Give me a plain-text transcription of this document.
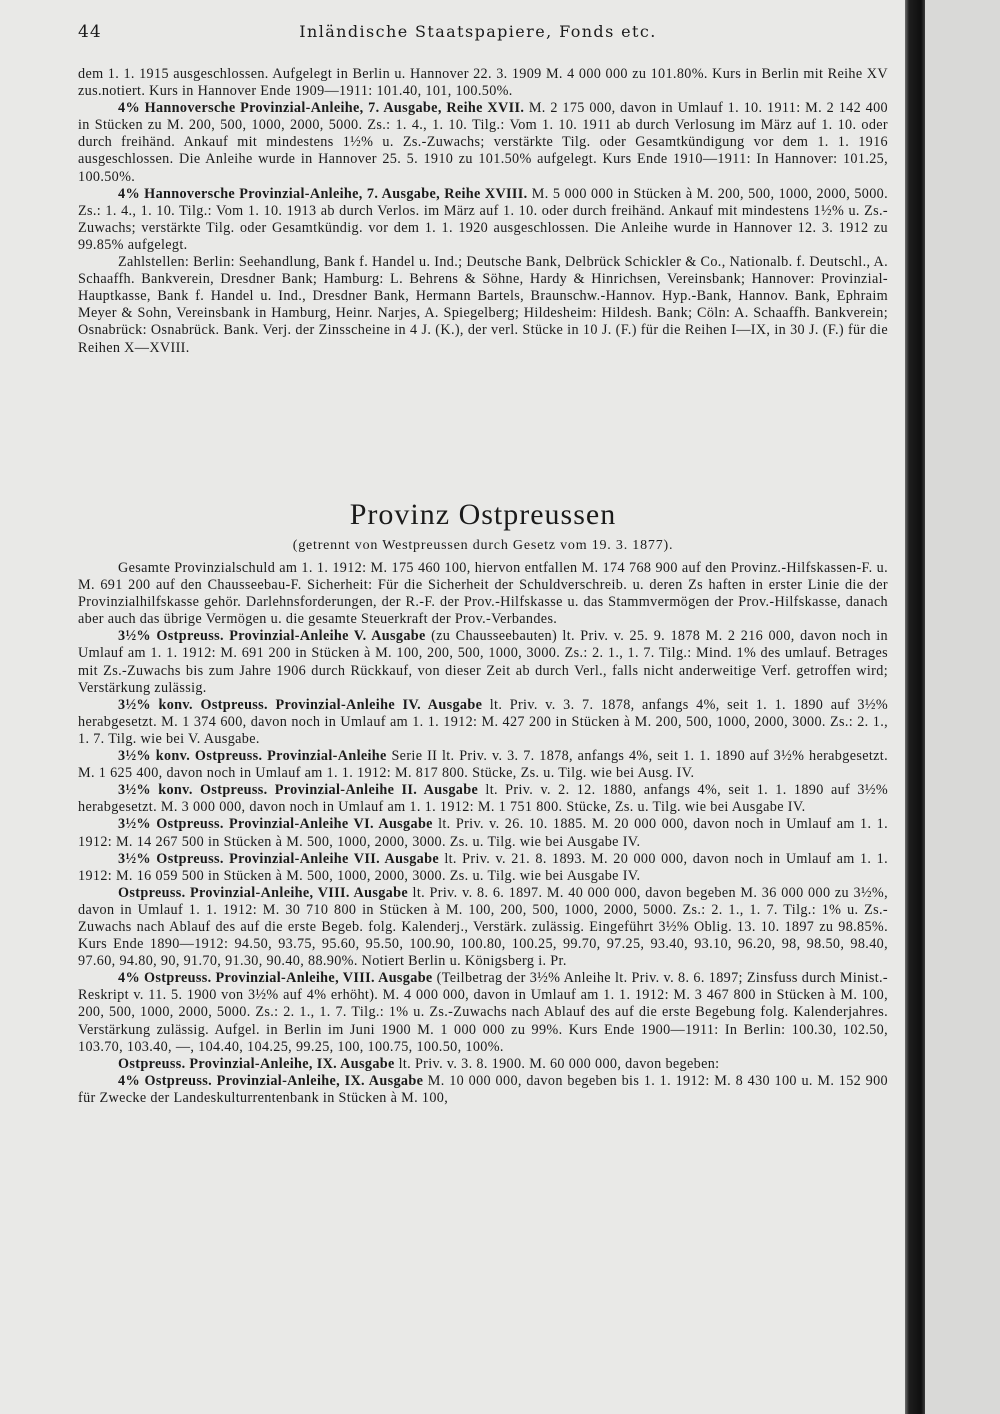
44	Inländische Staatspapiere, Fonds etc.

dem 1. 1. 1915 ausgeschlossen. Aufgelegt in Berlin u. Hannover 22. 3. 1909 M. 4 000 000 zu 101.80%. Kurs in Berlin mit Reihe XV zus.notiert. Kurs in Hannover Ende 1909—1911: 101.40, 101, 100.50%.

4% Hannoversche Provinzial-Anleihe, 7. Ausgabe, Reihe XVII. M. 2 175 000, davon in Umlauf 1. 10. 1911: M. 2 142 400 in Stücken zu M. 200, 500, 1000, 2000, 5000. Zs.: 1. 4., 1. 10. Tilg.: Vom 1. 10. 1911 ab durch Verlosung im März auf 1. 10. oder durch freihänd. Ankauf mit mindestens 1½% u. Zs.-Zuwachs; verstärkte Tilg. oder Gesamtkündigung vor dem 1. 1. 1916 ausgeschlossen. Die Anleihe wurde in Hannover 25. 5. 1910 zu 101.50% aufgelegt. Kurs Ende 1910—1911: In Hannover: 101.25, 100.50%.

4% Hannoversche Provinzial-Anleihe, 7. Ausgabe, Reihe XVIII. M. 5 000 000 in Stücken à M. 200, 500, 1000, 2000, 5000. Zs.: 1. 4., 1. 10. Tilg.: Vom 1. 10. 1913 ab durch Verlos. im März auf 1. 10. oder durch freihänd. Ankauf mit mindestens 1½% u. Zs.-Zuwachs; verstärkte Tilg. oder Gesamtkündig. vor dem 1. 1. 1920 ausgeschlossen. Die Anleihe wurde in Hannover 12. 3. 1912 zu 99.85% aufgelegt.

Zahlstellen: Berlin: Seehandlung, Bank f. Handel u. Ind.; Deutsche Bank, Delbrück Schickler & Co., Nationalb. f. Deutschl., A. Schaaffh. Bankverein, Dresdner Bank; Hamburg: L. Behrens & Söhne, Hardy & Hinrichsen, Vereinsbank; Hannover: Provinzial-Hauptkasse, Bank f. Handel u. Ind., Dresdner Bank, Hermann Bartels, Braunschw.-Hannov. Hyp.-Bank, Hannov. Bank, Ephraim Meyer & Sohn, Vereinsbank in Hamburg, Heinr. Narjes, A. Spiegelberg; Hildesheim: Hildesh. Bank; Cöln: A. Schaaffh. Bankverein; Osnabrück: Osnabrück. Bank. Verj. der Zinsscheine in 4 J. (K.), der verl. Stücke in 10 J. (F.) für die Reihen I—IX, in 30 J. (F.) für die Reihen X—XVIII.

Provinz Ostpreussen
(getrennt von Westpreussen durch Gesetz vom 19. 3. 1877).

Gesamte Provinzialschuld am 1. 1. 1912: M. 175 460 100, hiervon entfallen M. 174 768 900 auf den Provinz.-Hilfskassen-F. u. M. 691 200 auf den Chausseebau-F. Sicherheit: Für die Sicherheit der Schuldverschreib. u. deren Zs haften in erster Linie die der Provinzialhilfskasse gehör. Darlehnsforderungen, der R.-F. der Prov.-Hilfskasse u. das Stammvermögen der Prov.-Hilfskasse, danach aber auch das übrige Vermögen u. die gesamte Steuerkraft der Prov.-Verbandes.

3½% Ostpreuss. Provinzial-Anleihe V. Ausgabe (zu Chausseebauten) lt. Priv. v. 25. 9. 1878 M. 2 216 000, davon noch in Umlauf am 1. 1. 1912: M. 691 200 in Stücken à M. 100, 200, 500, 1000, 3000. Zs.: 2. 1., 1. 7. Tilg.: Mind. 1% des umlauf. Betrages mit Zs.-Zuwachs bis zum Jahre 1906 durch Rückkauf, von dieser Zeit ab durch Verl., falls nicht anderweitige Verf. getroffen wird; Verstärkung zulässig.

3½% konv. Ostpreuss. Provinzial-Anleihe IV. Ausgabe lt. Priv. v. 3. 7. 1878, anfangs 4%, seit 1. 1. 1890 auf 3½% herabgesetzt. M. 1 374 600, davon noch in Umlauf am 1. 1. 1912: M. 427 200 in Stücken à M. 200, 500, 1000, 2000, 3000. Zs.: 2. 1., 1. 7. Tilg. wie bei V. Ausgabe.

3½% konv. Ostpreuss. Provinzial-Anleihe Serie II lt. Priv. v. 3. 7. 1878, anfangs 4%, seit 1. 1. 1890 auf 3½% herabgesetzt. M. 1 625 400, davon noch in Umlauf am 1. 1. 1912: M. 817 800. Stücke, Zs. u. Tilg. wie bei Ausg. IV.

3½% konv. Ostpreuss. Provinzial-Anleihe II. Ausgabe lt. Priv. v. 2. 12. 1880, anfangs 4%, seit 1. 1. 1890 auf 3½% herabgesetzt. M. 3 000 000, davon noch in Umlauf am 1. 1. 1912: M. 1 751 800. Stücke, Zs. u. Tilg. wie bei Ausgabe IV.

3½% Ostpreuss. Provinzial-Anleihe VI. Ausgabe lt. Priv. v. 26. 10. 1885. M. 20 000 000, davon noch in Umlauf am 1. 1. 1912: M. 14 267 500 in Stücken à M. 500, 1000, 2000, 3000. Zs. u. Tilg. wie bei Ausgabe IV.

3½% Ostpreuss. Provinzial-Anleihe VII. Ausgabe lt. Priv. v. 21. 8. 1893. M. 20 000 000, davon noch in Umlauf am 1. 1. 1912: M. 16 059 500 in Stücken à M. 500, 1000, 2000, 3000. Zs. u. Tilg. wie bei Ausgabe IV.

Ostpreuss. Provinzial-Anleihe, VIII. Ausgabe lt. Priv. v. 8. 6. 1897. M. 40 000 000, davon begeben M. 36 000 000 zu 3½%, davon in Umlauf 1. 1. 1912: M. 30 710 800 in Stücken à M. 100, 200, 500, 1000, 2000, 5000. Zs.: 2. 1., 1. 7. Tilg.: 1% u. Zs.-Zuwachs nach Ablauf des auf die erste Begeb. folg. Kalenderj., Verstärk. zulässig. Eingeführt 3½% Oblig. 13. 10. 1897 zu 98.85%. Kurs Ende 1890—1912: 94.50, 93.75, 95.60, 95.50, 100.90, 100.80, 100.25, 99.70, 97.25, 93.40, 93.10, 96.20, 98, 98.50, 98.40, 97.60, 94.80, 90, 91.70, 91.30, 90.40, 88.90%. Notiert Berlin u. Königsberg i. Pr.

4% Ostpreuss. Provinzial-Anleihe, VIII. Ausgabe (Teilbetrag der 3½% Anleihe lt. Priv. v. 8. 6. 1897; Zinsfuss durch Minist.-Reskript v. 11. 5. 1900 von 3½% auf 4% erhöht). M. 4 000 000, davon in Umlauf am 1. 1. 1912: M. 3 467 800 in Stücken à M. 100, 200, 500, 1000, 2000, 5000. Zs.: 2. 1., 1. 7. Tilg.: 1% u. Zs.-Zuwachs nach Ablauf des auf die erste Begebung folg. Kalenderjahres. Verstärkung zulässig. Aufgel. in Berlin im Juni 1900 M. 1 000 000 zu 99%. Kurs Ende 1900—1911: In Berlin: 100.30, 102.50, 103.70, 103.40, —, 104.40, 104.25, 99.25, 100, 100.75, 100.50, 100%.

Ostpreuss. Provinzial-Anleihe, IX. Ausgabe lt. Priv. v. 3. 8. 1900. M. 60 000 000, davon begeben:

4% Ostpreuss. Provinzial-Anleihe, IX. Ausgabe M. 10 000 000, davon begeben bis 1. 1. 1912: M. 8 430 100 u. M. 152 900 für Zwecke der Landeskulturrentenbank in Stücken à M. 100,
